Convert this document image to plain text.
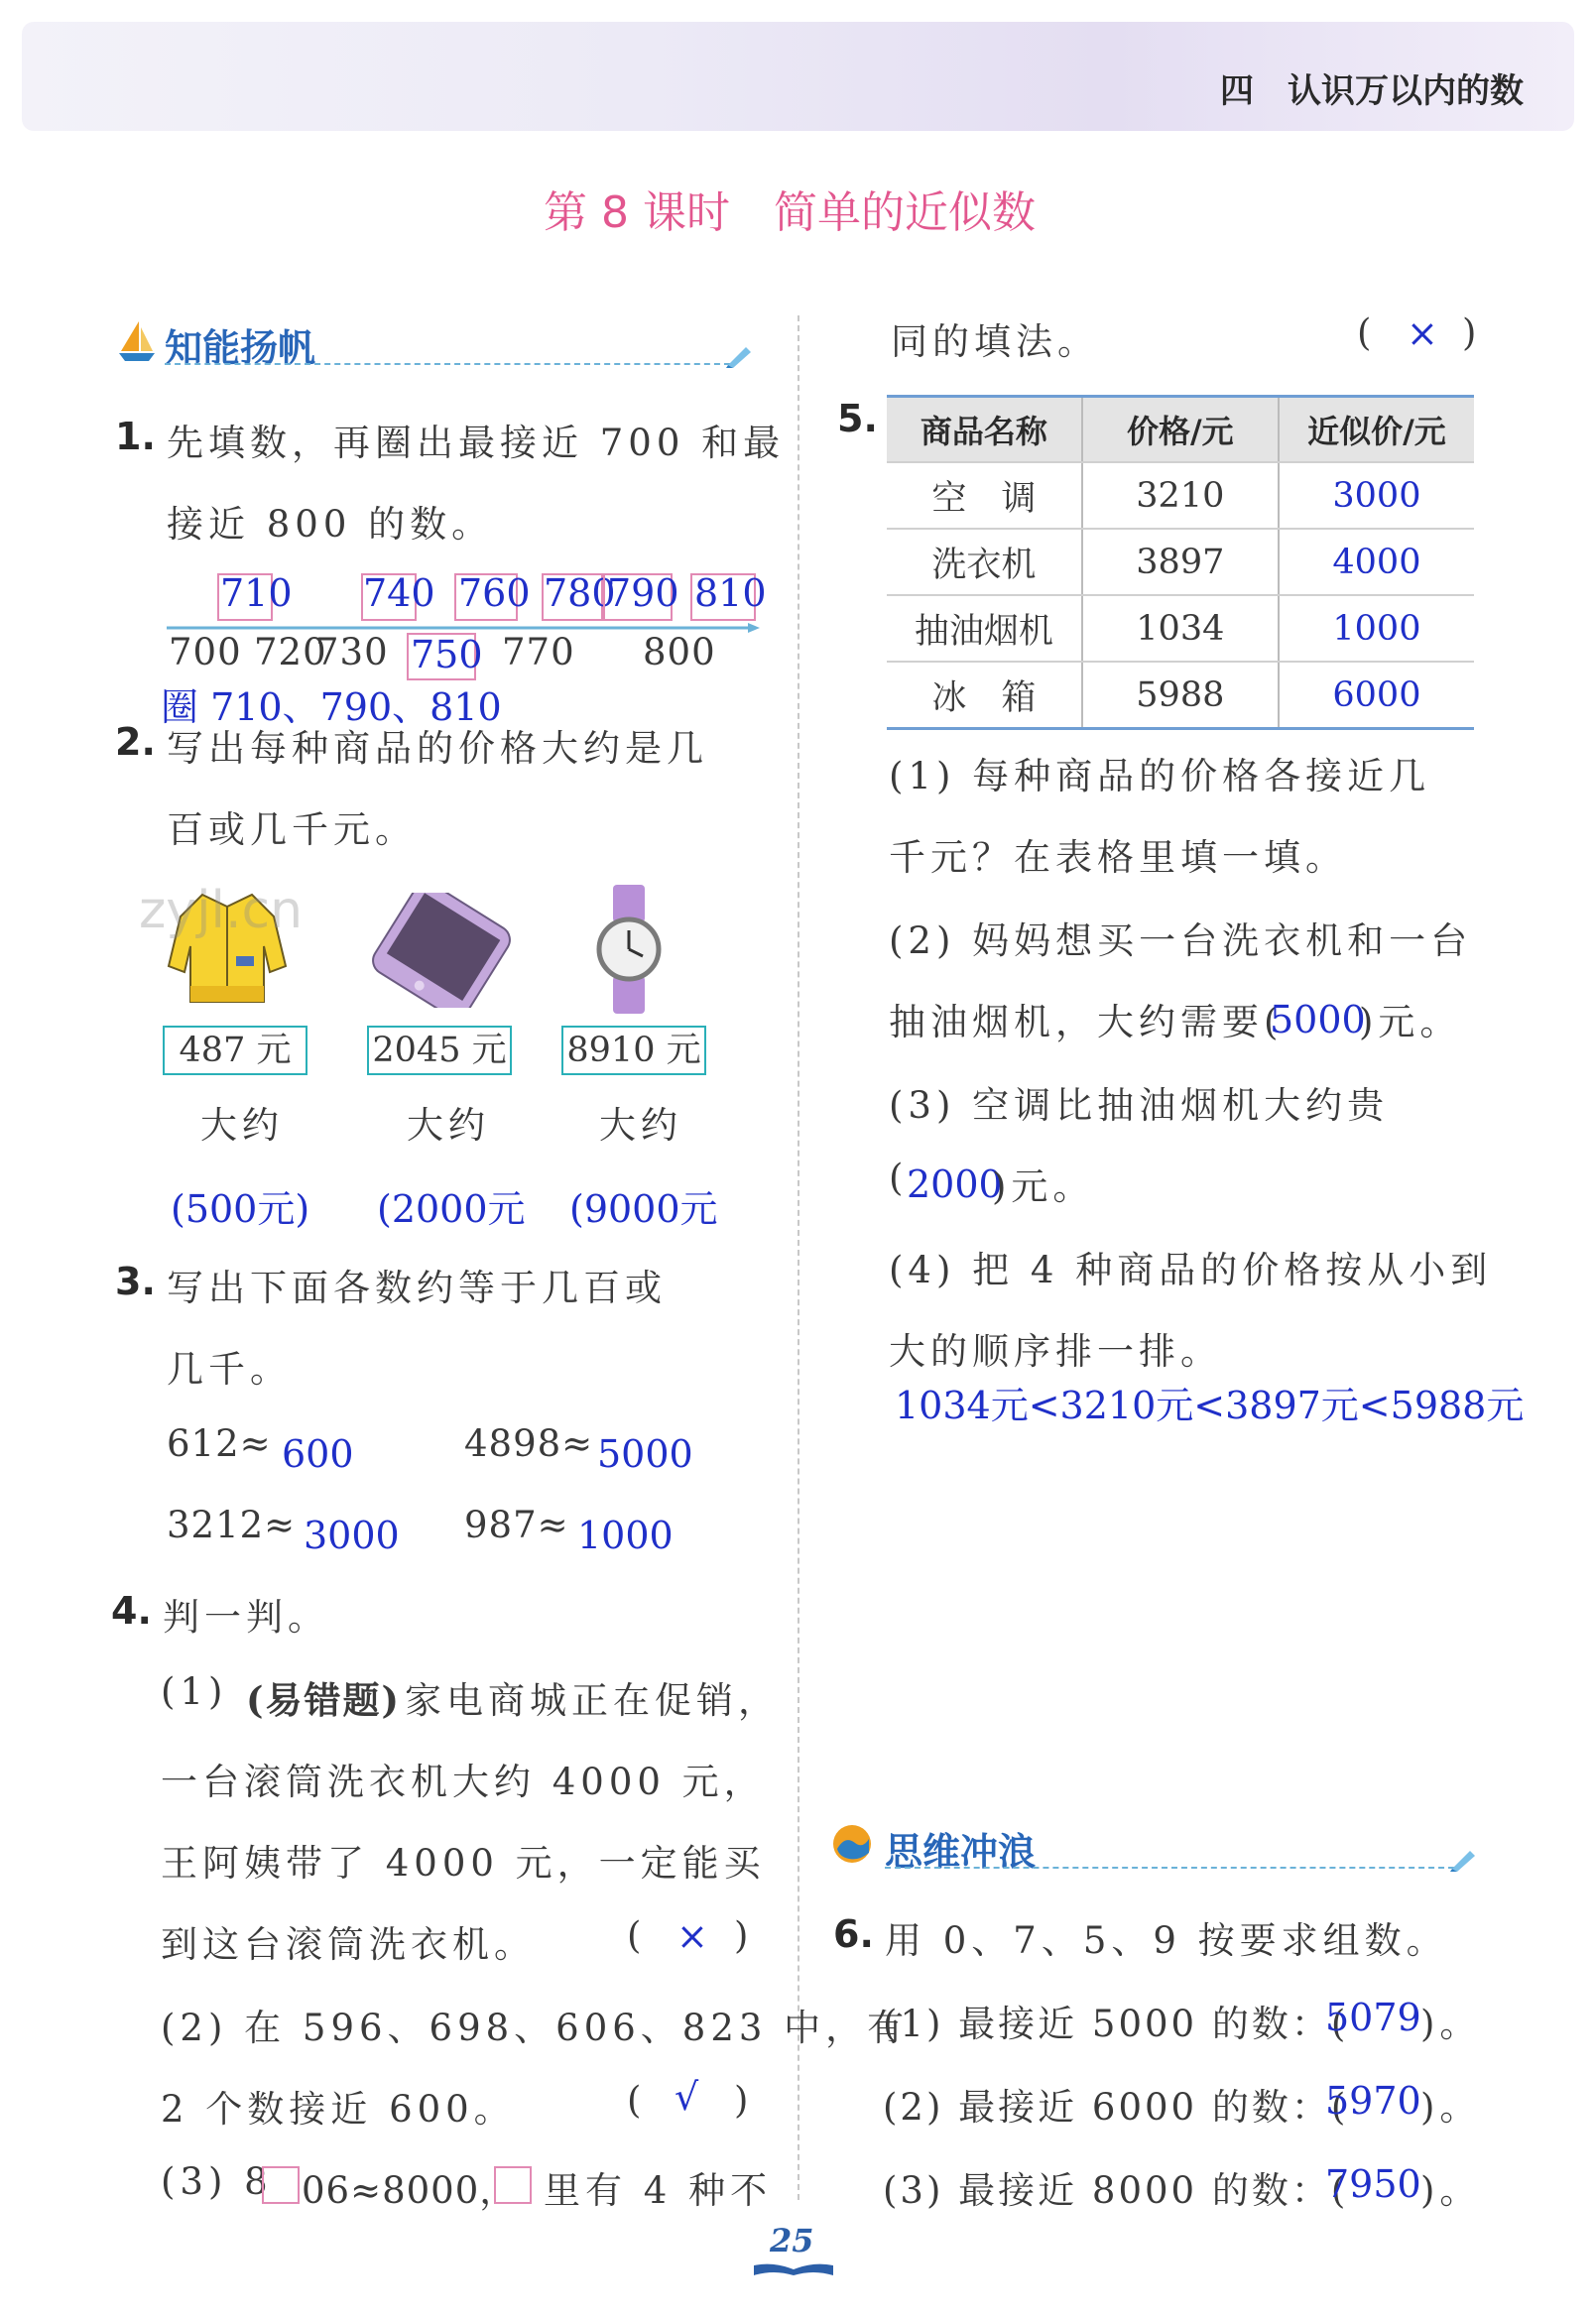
四　认识万以内的数
第 8 课时　简单的近似数
知能扬帆
1. 先填数，再圈出最接近 700 和最
接近 800 的数。
710 740 760 780
790 810
700 720
730 750 770 800
圈 710、790、810
2. 写出每种商品的价格大约是几
百或几千元。
zyjl.cn
487 元	2045 元 8910 元
大约	大约	大约
(500元) (2000元 (9000元
3. 写出下面各数约等于几百或
几千。
612≈ 600	4898≈ 5000
3212≈ 3000 987≈ 1000
4. 判一判。
(1) (易错题) 家电商城正在促销，
一台滚筒洗衣机大约 4000 元，
王阿姨带了 4000 元，一定能买
到这台滚筒洗衣机。 ( × )
(2) 在 596、698、606、823 中，有
2 个数接近 600。	( √ )
(3) 8 06≈8000， 里有 4 种不
同的填法。	( × )
5. 商品名称	价格/元	近似价/元
空　调	3210	3000
洗衣机	3897	4000
抽油烟机	1034	1000
冰　箱	5988	6000
(1) 每种商品的价格各接近几
千元？在表格里填一填。
(2) 妈妈想买一台洗衣机和一台
抽油烟机，大约需要(
5000
)元。
(3) 空调比抽油烟机大约贵
(
2000
)元。
(4) 把 4 种商品的价格按从小到
大的顺序排一排。
1034元<3210元<3897元<5988元
思维冲浪
6. 用 0、7、5、9 按要求组数。
(1) 最接近 5000 的数：(
5079 )。
(2) 最接近 6000 的数：(
5970 )。
(3) 最接近 8000 的数：(
7950 )。
25
